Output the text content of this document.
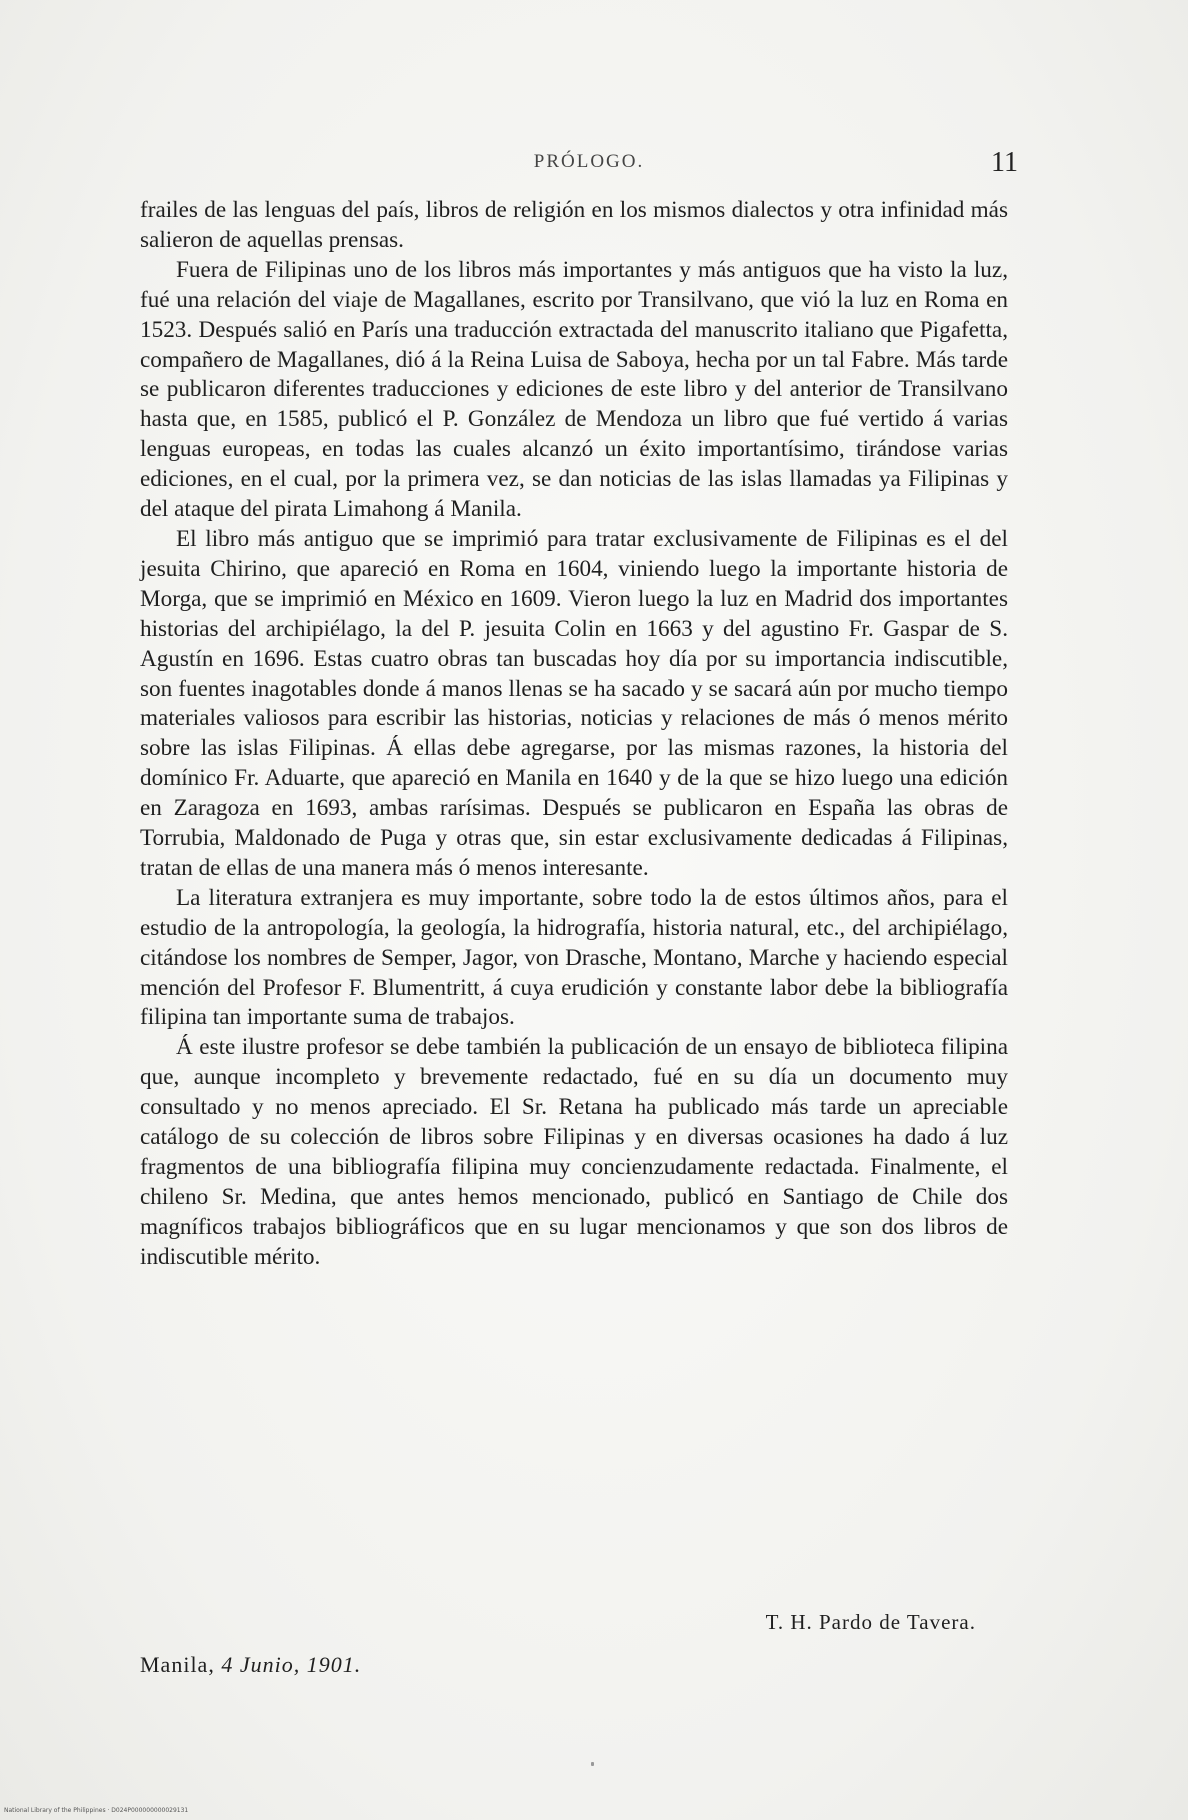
PRÓLOGO.	11

frailes de las lenguas del país, libros de religión en los mismos dialectos y otra infinidad más salieron de aquellas prensas.

Fuera de Filipinas uno de los libros más importantes y más antiguos que ha visto la luz, fué una relación del viaje de Magallanes, escrito por Transilvano, que vió la luz en Roma en 1523. Después salió en París una traducción extractada del manuscrito italiano que Pigafetta, compañero de Magallanes, dió á la Reina Luisa de Saboya, hecha por un tal Fabre. Más tarde se publicaron diferentes traducciones y ediciones de este libro y del anterior de Transilvano hasta que, en 1585, publicó el P. González de Mendoza un libro que fué vertido á varias lenguas europeas, en todas las cuales alcanzó un éxito importantísimo, tirándose varias ediciones, en el cual, por la primera vez, se dan noticias de las islas llamadas ya Filipinas y del ataque del pirata Limahong á Manila.

El libro más antiguo que se imprimió para tratar exclusivamente de Filipinas es el del jesuita Chirino, que apareció en Roma en 1604, viniendo luego la importante historia de Morga, que se imprimió en México en 1609. Vieron luego la luz en Madrid dos importantes historias del archipiélago, la del P. jesuita Colin en 1663 y del agustino Fr. Gaspar de S. Agustín en 1696. Estas cuatro obras tan buscadas hoy día por su importancia indiscutible, son fuentes inagotables donde á manos llenas se ha sacado y se sacará aún por mucho tiempo materiales valiosos para escribir las historias, noticias y relaciones de más ó menos mérito sobre las islas Filipinas. Á ellas debe agregarse, por las mismas razones, la historia del domínico Fr. Aduarte, que apareció en Manila en 1640 y de la que se hizo luego una edición en Zaragoza en 1693, ambas rarísimas. Después se publicaron en España las obras de Torrubia, Maldonado de Puga y otras que, sin estar exclusivamente dedicadas á Filipinas, tratan de ellas de una manera más ó menos interesante.

La literatura extranjera es muy importante, sobre todo la de estos últimos años, para el estudio de la antropología, la geología, la hidrografía, historia natural, etc., del archipiélago, citándose los nombres de Semper, Jagor, von Drasche, Montano, Marche y haciendo especial mención del Profesor F. Blumentritt, á cuya erudición y constante labor debe la bibliografía filipina tan importante suma de trabajos.

Á este ilustre profesor se debe también la publicación de un ensayo de biblioteca filipina que, aunque incompleto y brevemente redactado, fué en su día un documento muy consultado y no menos apreciado. El Sr. Retana ha publicado más tarde un apreciable catálogo de su colección de libros sobre Filipinas y en diversas ocasiones ha dado á luz fragmentos de una bibliografía filipina muy concienzudamente redactada. Finalmente, el chileno Sr. Medina, que antes hemos mencionado, publicó en Santiago de Chile dos magníficos trabajos bibliográficos que en su lugar mencionamos y que son dos libros de indiscutible mérito.

T. H. Pardo de Tavera.
Manila, 4 Junio, 1901.
National Library of the Philippines · D024P000000000029131
